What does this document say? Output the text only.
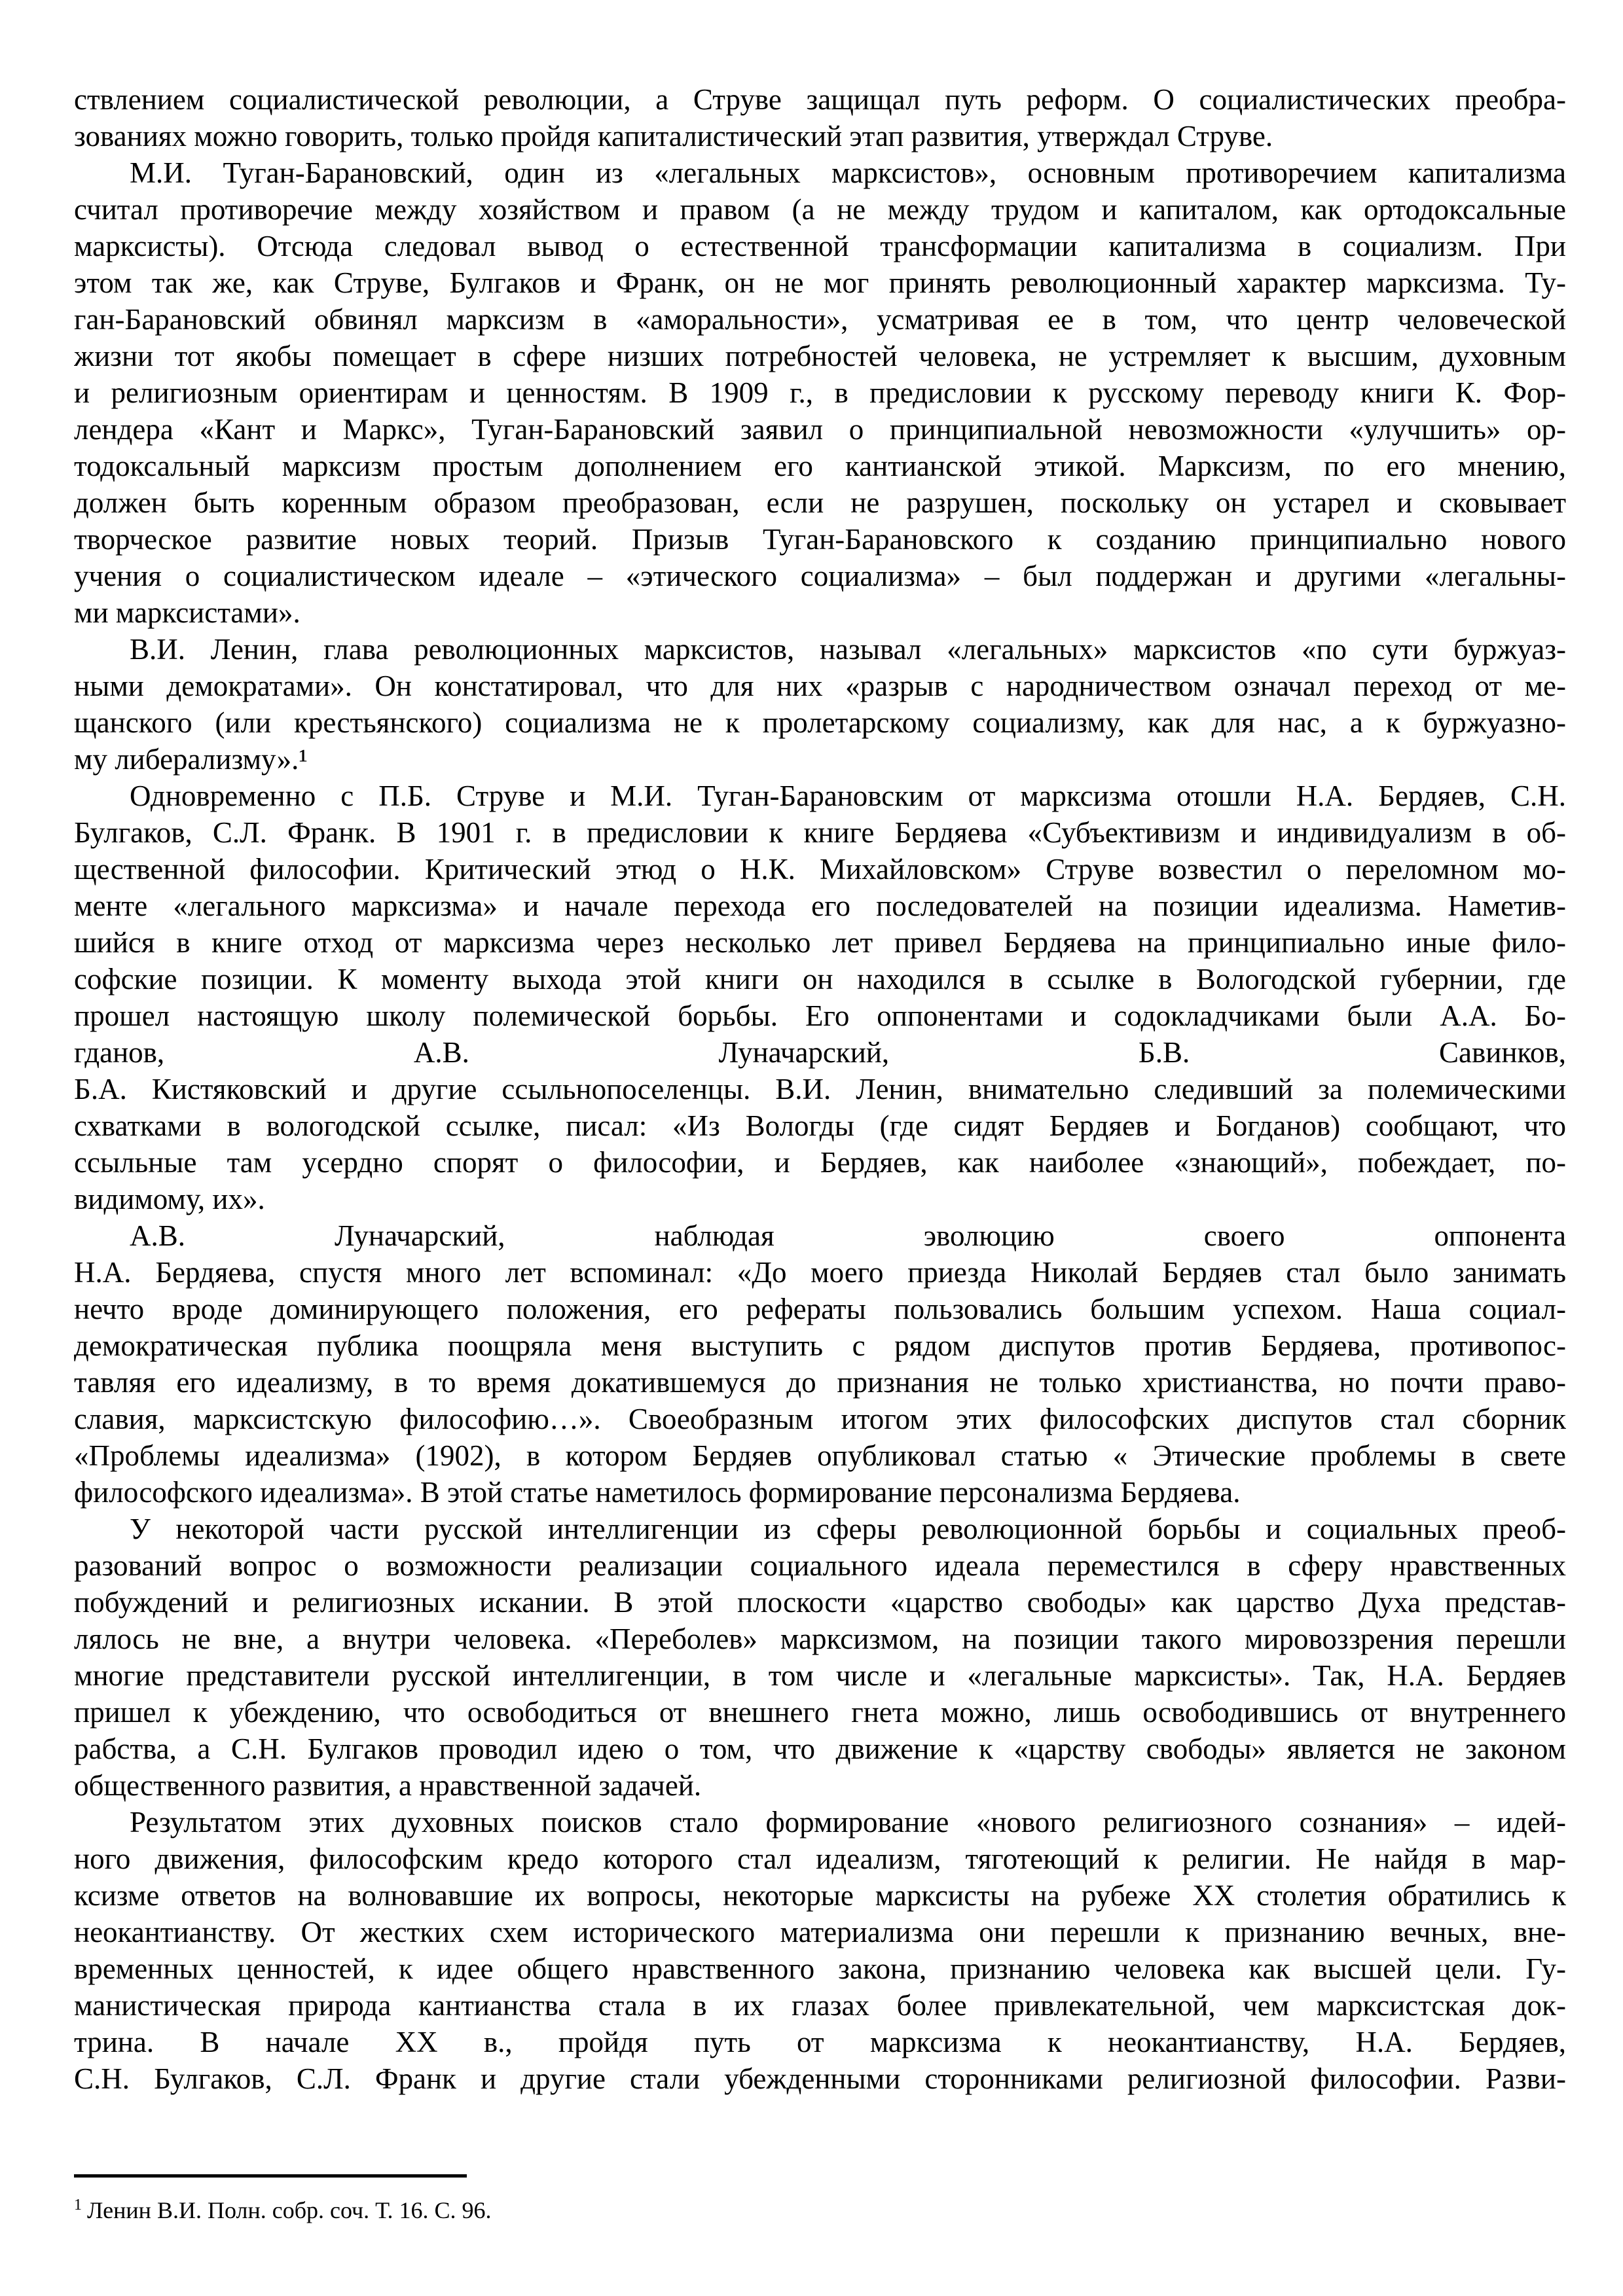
ствлением социалистической революции, а Струве защищал путь реформ. О социалистических преобра-
зованиях можно говорить, только пройдя капиталистический этап развития, утверждал Струве.
М.И. Туган-Барановский, один из «легальных марксистов», основным противоречием капитализма
считал противоречие между хозяйством и правом (а не между трудом и капиталом, как ортодоксальные
марксисты). Отсюда следовал вывод о естественной трансформации капитализма в социализм. При
этом так же, как Струве, Булгаков и Франк, он не мог принять революционный характер марксизма. Ту-
ган-Барановский обвинял марксизм в «аморальности», усматривая ее в том, что центр человеческой
жизни тот якобы помещает в сфере низших потребностей человека, не устремляет к высшим, духовным
и религиозным ориентирам и ценностям. В 1909 г., в предисловии к русскому переводу книги К. Фор-
лендера «Кант и Маркс», Туган-Барановский заявил о принципиальной невозможности «улучшить» ор-
тодоксальный марксизм простым дополнением его кантианской этикой. Марксизм, по его мнению,
должен быть коренным образом преобразован, если не разрушен, поскольку он устарел и сковывает
творческое развитие новых теорий. Призыв Туган-Барановского к созданию принципиально нового
учения о социалистическом идеале – «этического социализма» – был поддержан и другими «легальны-
ми марксистами».
В.И. Ленин, глава революционных марксистов, называл «легальных» марксистов «по сути буржуаз-
ными демократами». Он констатировал, что для них «разрыв с народничеством означал переход от ме-
щанского (или крестьянского) социализма не к пролетарскому социализму, как для нас, а к буржуазно-
му либерализму».¹
Одновременно с П.Б. Струве и М.И. Туган-Барановским от марксизма отошли Н.А. Бердяев, С.Н.
Булгаков, С.Л. Франк. В 1901 г. в предисловии к книге Бердяева «Субъективизм и индивидуализм в об-
щественной философии. Критический этюд о Н.К. Михайловском» Струве возвестил о переломном мо-
менте «легального марксизма» и начале перехода его последователей на позиции идеализма. Наметив-
шийся в книге отход от марксизма через несколько лет привел Бердяева на принципиально иные фило-
софские позиции. К моменту выхода этой книги он находился в ссылке в Вологодской губернии, где
прошел настоящую школу полемической борьбы. Его оппонентами и содокладчиками были А.А. Бо-
гданов, А.В. Луначарский, Б.В. Савинков,
Б.А. Кистяковский и другие ссыльнопоселенцы. В.И. Ленин, внимательно следивший за полемическими
схватками в вологодской ссылке, писал: «Из Вологды (где сидят Бердяев и Богданов) сообщают, что
ссыльные там усердно спорят о философии, и Бердяев, как наиболее «знающий», побеждает, по-
видимому, их».
А.В. Луначарский, наблюдая эволюцию своего оппонента
Н.А. Бердяева, спустя много лет вспоминал: «До моего приезда Николай Бердяев стал было занимать
нечто вроде доминирующего положения, его рефераты пользовались большим успехом. Наша социал-
демократическая публика поощряла меня выступить с рядом диспутов против Бердяева, противопос-
тавляя его идеализму, в то время докатившемуся до признания не только христианства, но почти право-
славия, марксистскую философию…». Своеобразным итогом этих философских диспутов стал сборник
«Проблемы идеализма» (1902), в котором Бердяев опубликовал статью « Этические проблемы в свете
философского идеализма». В этой статье наметилось формирование персонализма Бердяева.
У некоторой части русской интеллигенции из сферы революционной борьбы и социальных преоб-
разований вопрос о возможности реализации социального идеала переместился в сферу нравственных
побуждений и религиозных искании. В этой плоскости «царство свободы» как царство Духа представ-
лялось не вне, а внутри человека. «Переболев» марксизмом, на позиции такого мировоззрения перешли
многие представители русской интеллигенции, в том числе и «легальные марксисты». Так, Н.А. Бердяев
пришел к убеждению, что освободиться от внешнего гнета можно, лишь освободившись от внутреннего
рабства, а С.Н. Булгаков проводил идею о том, что движение к «царству свободы» является не законом
общественного развития, а нравственной задачей.
Результатом этих духовных поисков стало формирование «нового религиозного сознания» – идей-
ного движения, философским кредо которого стал идеализм, тяготеющий к религии. Не найдя в мар-
ксизме ответов на волновавшие их вопросы, некоторые марксисты на рубеже XX столетия обратились к
неокантианству. От жестких схем исторического материализма они перешли к признанию вечных, вне-
временных ценностей, к идее общего нравственного закона, признанию человека как высшей цели. Гу-
манистическая природа кантианства стала в их глазах более привлекательной, чем марксистская док-
трина. В начале XX в., пройдя путь от марксизма к неокантианству, Н.А. Бердяев,
С.Н. Булгаков, С.Л. Франк и другие стали убежденными сторонниками религиозной философии. Разви-
$^1$ Ленин В.И. Полн. собр. соч. Т. 16. С. 96.
